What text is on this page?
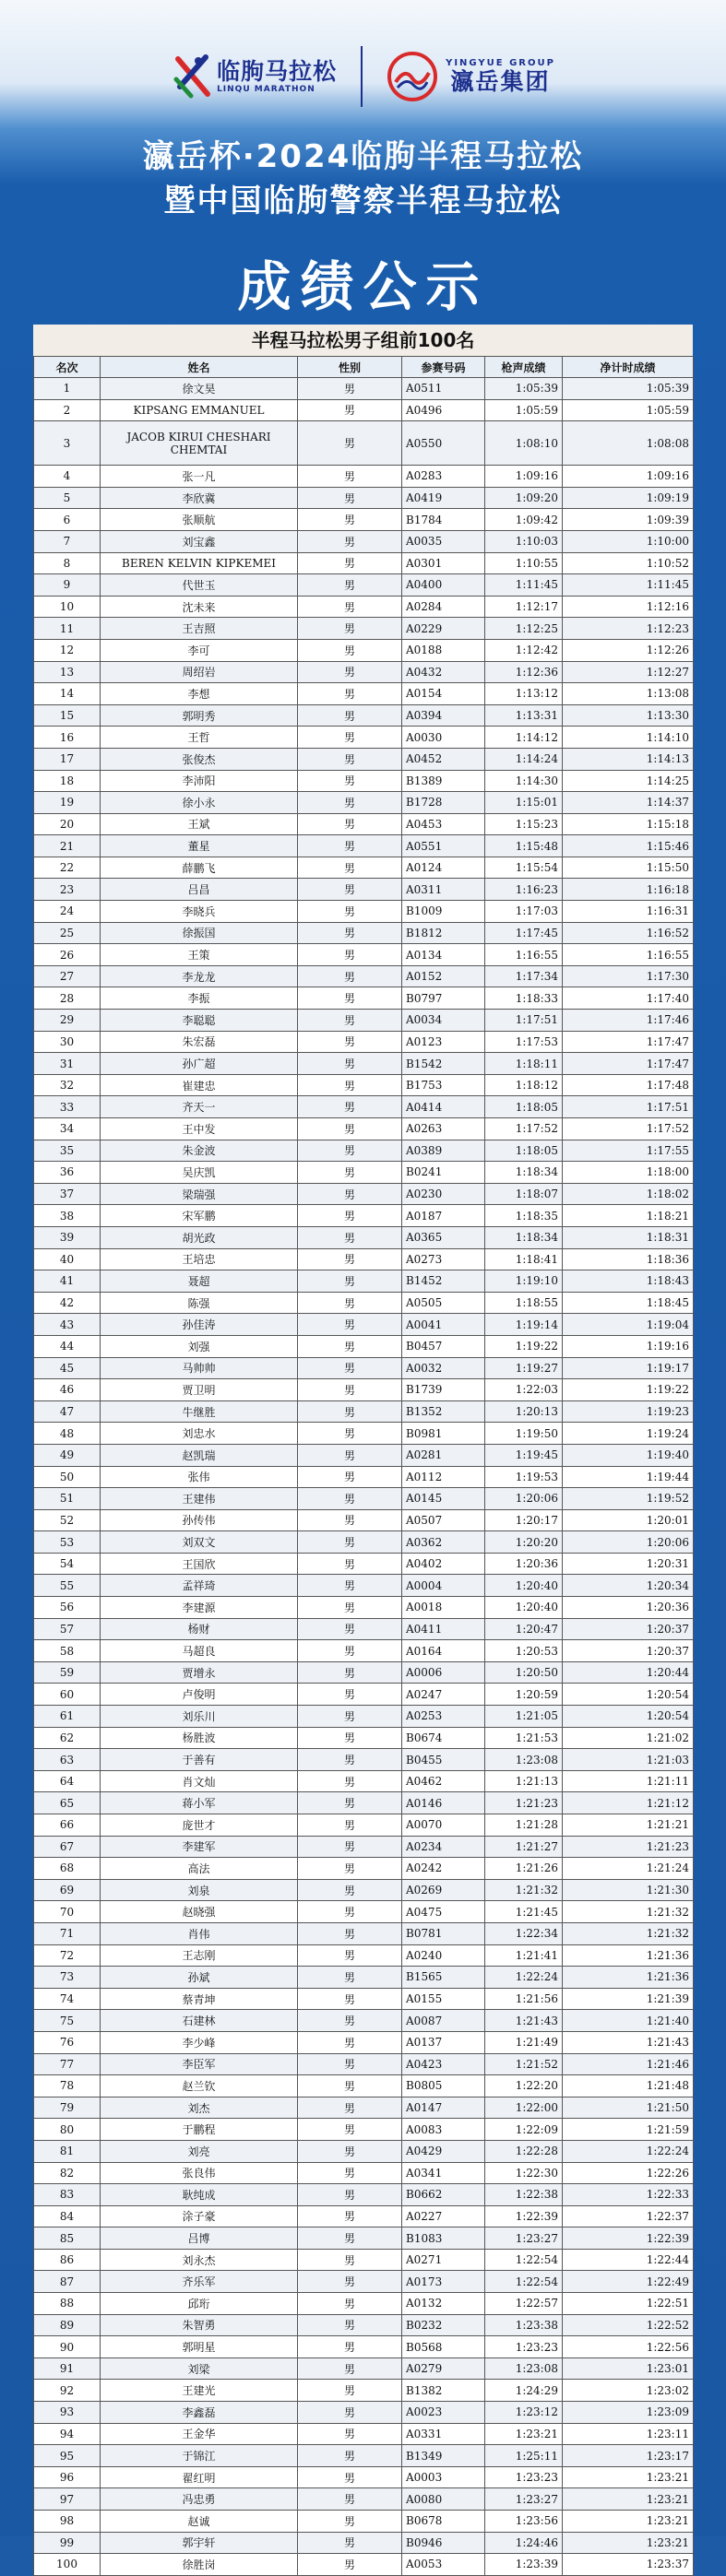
临朐马拉松
LINQU MARATHON
YINGYUE GROUP
瀛岳集团
瀛岳杯·2024临朐半程马拉松
暨中国临朐警察半程马拉松
成绩公示
半程马拉松男子组前100名
名次	姓名	性别	参赛号码	枪声成绩	净计时成绩
1	徐文昊	男	A0511	1:05:39	1:05:39
2	KIPSANG EMMANUEL	男	A0496	1:05:59	1:05:59
3	JACOB KIRUI CHESHARI CHEMTAI	男	A0550	1:08:10	1:08:08
4	张一凡	男	A0283	1:09:16	1:09:16
5	李欣冀	男	A0419	1:09:20	1:09:19
6	张顺航	男	B1784	1:09:42	1:09:39
7	刘宝鑫	男	A0035	1:10:03	1:10:00
8	BEREN KELVIN KIPKEMEI	男	A0301	1:10:55	1:10:52
9	代世玉	男	A0400	1:11:45	1:11:45
10	沈未来	男	A0284	1:12:17	1:12:16
11	王吉照	男	A0229	1:12:25	1:12:23
12	李可	男	A0188	1:12:42	1:12:26
13	周绍岩	男	A0432	1:12:36	1:12:27
14	李想	男	A0154	1:13:12	1:13:08
15	郭明秀	男	A0394	1:13:31	1:13:30
16	王哲	男	A0030	1:14:12	1:14:10
17	张俊杰	男	A0452	1:14:24	1:14:13
18	李沛阳	男	B1389	1:14:30	1:14:25
19	徐小永	男	B1728	1:15:01	1:14:37
20	王斌	男	A0453	1:15:23	1:15:18
21	董星	男	A0551	1:15:48	1:15:46
22	薛鹏飞	男	A0124	1:15:54	1:15:50
23	吕昌	男	A0311	1:16:23	1:16:18
24	李晓兵	男	B1009	1:17:03	1:16:31
25	徐振国	男	B1812	1:17:45	1:16:52
26	王策	男	A0134	1:16:55	1:16:55
27	李龙龙	男	A0152	1:17:34	1:17:30
28	李振	男	B0797	1:18:33	1:17:40
29	李聪聪	男	A0034	1:17:51	1:17:46
30	朱宏磊	男	A0123	1:17:53	1:17:47
31	孙广超	男	B1542	1:18:11	1:17:47
32	崔建忠	男	B1753	1:18:12	1:17:48
33	齐天一	男	A0414	1:18:05	1:17:51
34	王中发	男	A0263	1:17:52	1:17:52
35	朱金波	男	A0389	1:18:05	1:17:55
36	吴庆凯	男	B0241	1:18:34	1:18:00
37	梁瑞强	男	A0230	1:18:07	1:18:02
38	宋军鹏	男	A0187	1:18:35	1:18:21
39	胡光政	男	A0365	1:18:34	1:18:31
40	王培忠	男	A0273	1:18:41	1:18:36
41	聂超	男	B1452	1:19:10	1:18:43
42	陈强	男	A0505	1:18:55	1:18:45
43	孙佳涛	男	A0041	1:19:14	1:19:04
44	刘强	男	B0457	1:19:22	1:19:16
45	马帅帅	男	A0032	1:19:27	1:19:17
46	贾卫明	男	B1739	1:22:03	1:19:22
47	牛继胜	男	B1352	1:20:13	1:19:23
48	刘忠水	男	B0981	1:19:50	1:19:24
49	赵凯瑞	男	A0281	1:19:45	1:19:40
50	张伟	男	A0112	1:19:53	1:19:44
51	王建伟	男	A0145	1:20:06	1:19:52
52	孙传伟	男	A0507	1:20:17	1:20:01
53	刘双文	男	A0362	1:20:20	1:20:06
54	王国欣	男	A0402	1:20:36	1:20:31
55	孟祥琦	男	A0004	1:20:40	1:20:34
56	李建源	男	A0018	1:20:40	1:20:36
57	杨财	男	A0411	1:20:47	1:20:37
58	马超良	男	A0164	1:20:53	1:20:37
59	贾增永	男	A0006	1:20:50	1:20:44
60	卢俊明	男	A0247	1:20:59	1:20:54
61	刘乐川	男	A0253	1:21:05	1:20:54
62	杨胜波	男	B0674	1:21:53	1:21:02
63	于善有	男	B0455	1:23:08	1:21:03
64	肖文灿	男	A0462	1:21:13	1:21:11
65	蒋小军	男	A0146	1:21:23	1:21:12
66	庞世才	男	A0070	1:21:28	1:21:21
67	李建军	男	A0234	1:21:27	1:21:23
68	高法	男	A0242	1:21:26	1:21:24
69	刘泉	男	A0269	1:21:32	1:21:30
70	赵晓强	男	A0475	1:21:45	1:21:32
71	肖伟	男	B0781	1:22:34	1:21:32
72	王志刚	男	A0240	1:21:41	1:21:36
73	孙斌	男	B1565	1:22:24	1:21:36
74	蔡青坤	男	A0155	1:21:56	1:21:39
75	石建林	男	A0087	1:21:43	1:21:40
76	李少峰	男	A0137	1:21:49	1:21:43
77	李臣军	男	A0423	1:21:52	1:21:46
78	赵兰钦	男	B0805	1:22:20	1:21:48
79	刘杰	男	A0147	1:22:00	1:21:50
80	于鹏程	男	A0083	1:22:09	1:21:59
81	刘亮	男	A0429	1:22:28	1:22:24
82	张良伟	男	A0341	1:22:30	1:22:26
83	耿纯成	男	B0662	1:22:38	1:22:33
84	涂子豪	男	A0227	1:22:39	1:22:37
85	吕博	男	B1083	1:23:27	1:22:39
86	刘永杰	男	A0271	1:22:54	1:22:44
87	齐乐军	男	A0173	1:22:54	1:22:49
88	邱珩	男	A0132	1:22:57	1:22:51
89	朱智勇	男	B0232	1:23:38	1:22:52
90	郭明星	男	B0568	1:23:23	1:22:56
91	刘梁	男	A0279	1:23:08	1:23:01
92	王建光	男	B1382	1:24:29	1:23:02
93	李鑫磊	男	A0023	1:23:12	1:23:09
94	王金华	男	A0331	1:23:21	1:23:11
95	于锦江	男	B1349	1:25:11	1:23:17
96	翟红明	男	A0003	1:23:23	1:23:21
97	冯忠勇	男	A0080	1:23:27	1:23:21
98	赵诚	男	B0678	1:23:56	1:23:21
99	郭宇轩	男	B0946	1:24:46	1:23:21
100	徐胜岗	男	A0053	1:23:39	1:23:37
